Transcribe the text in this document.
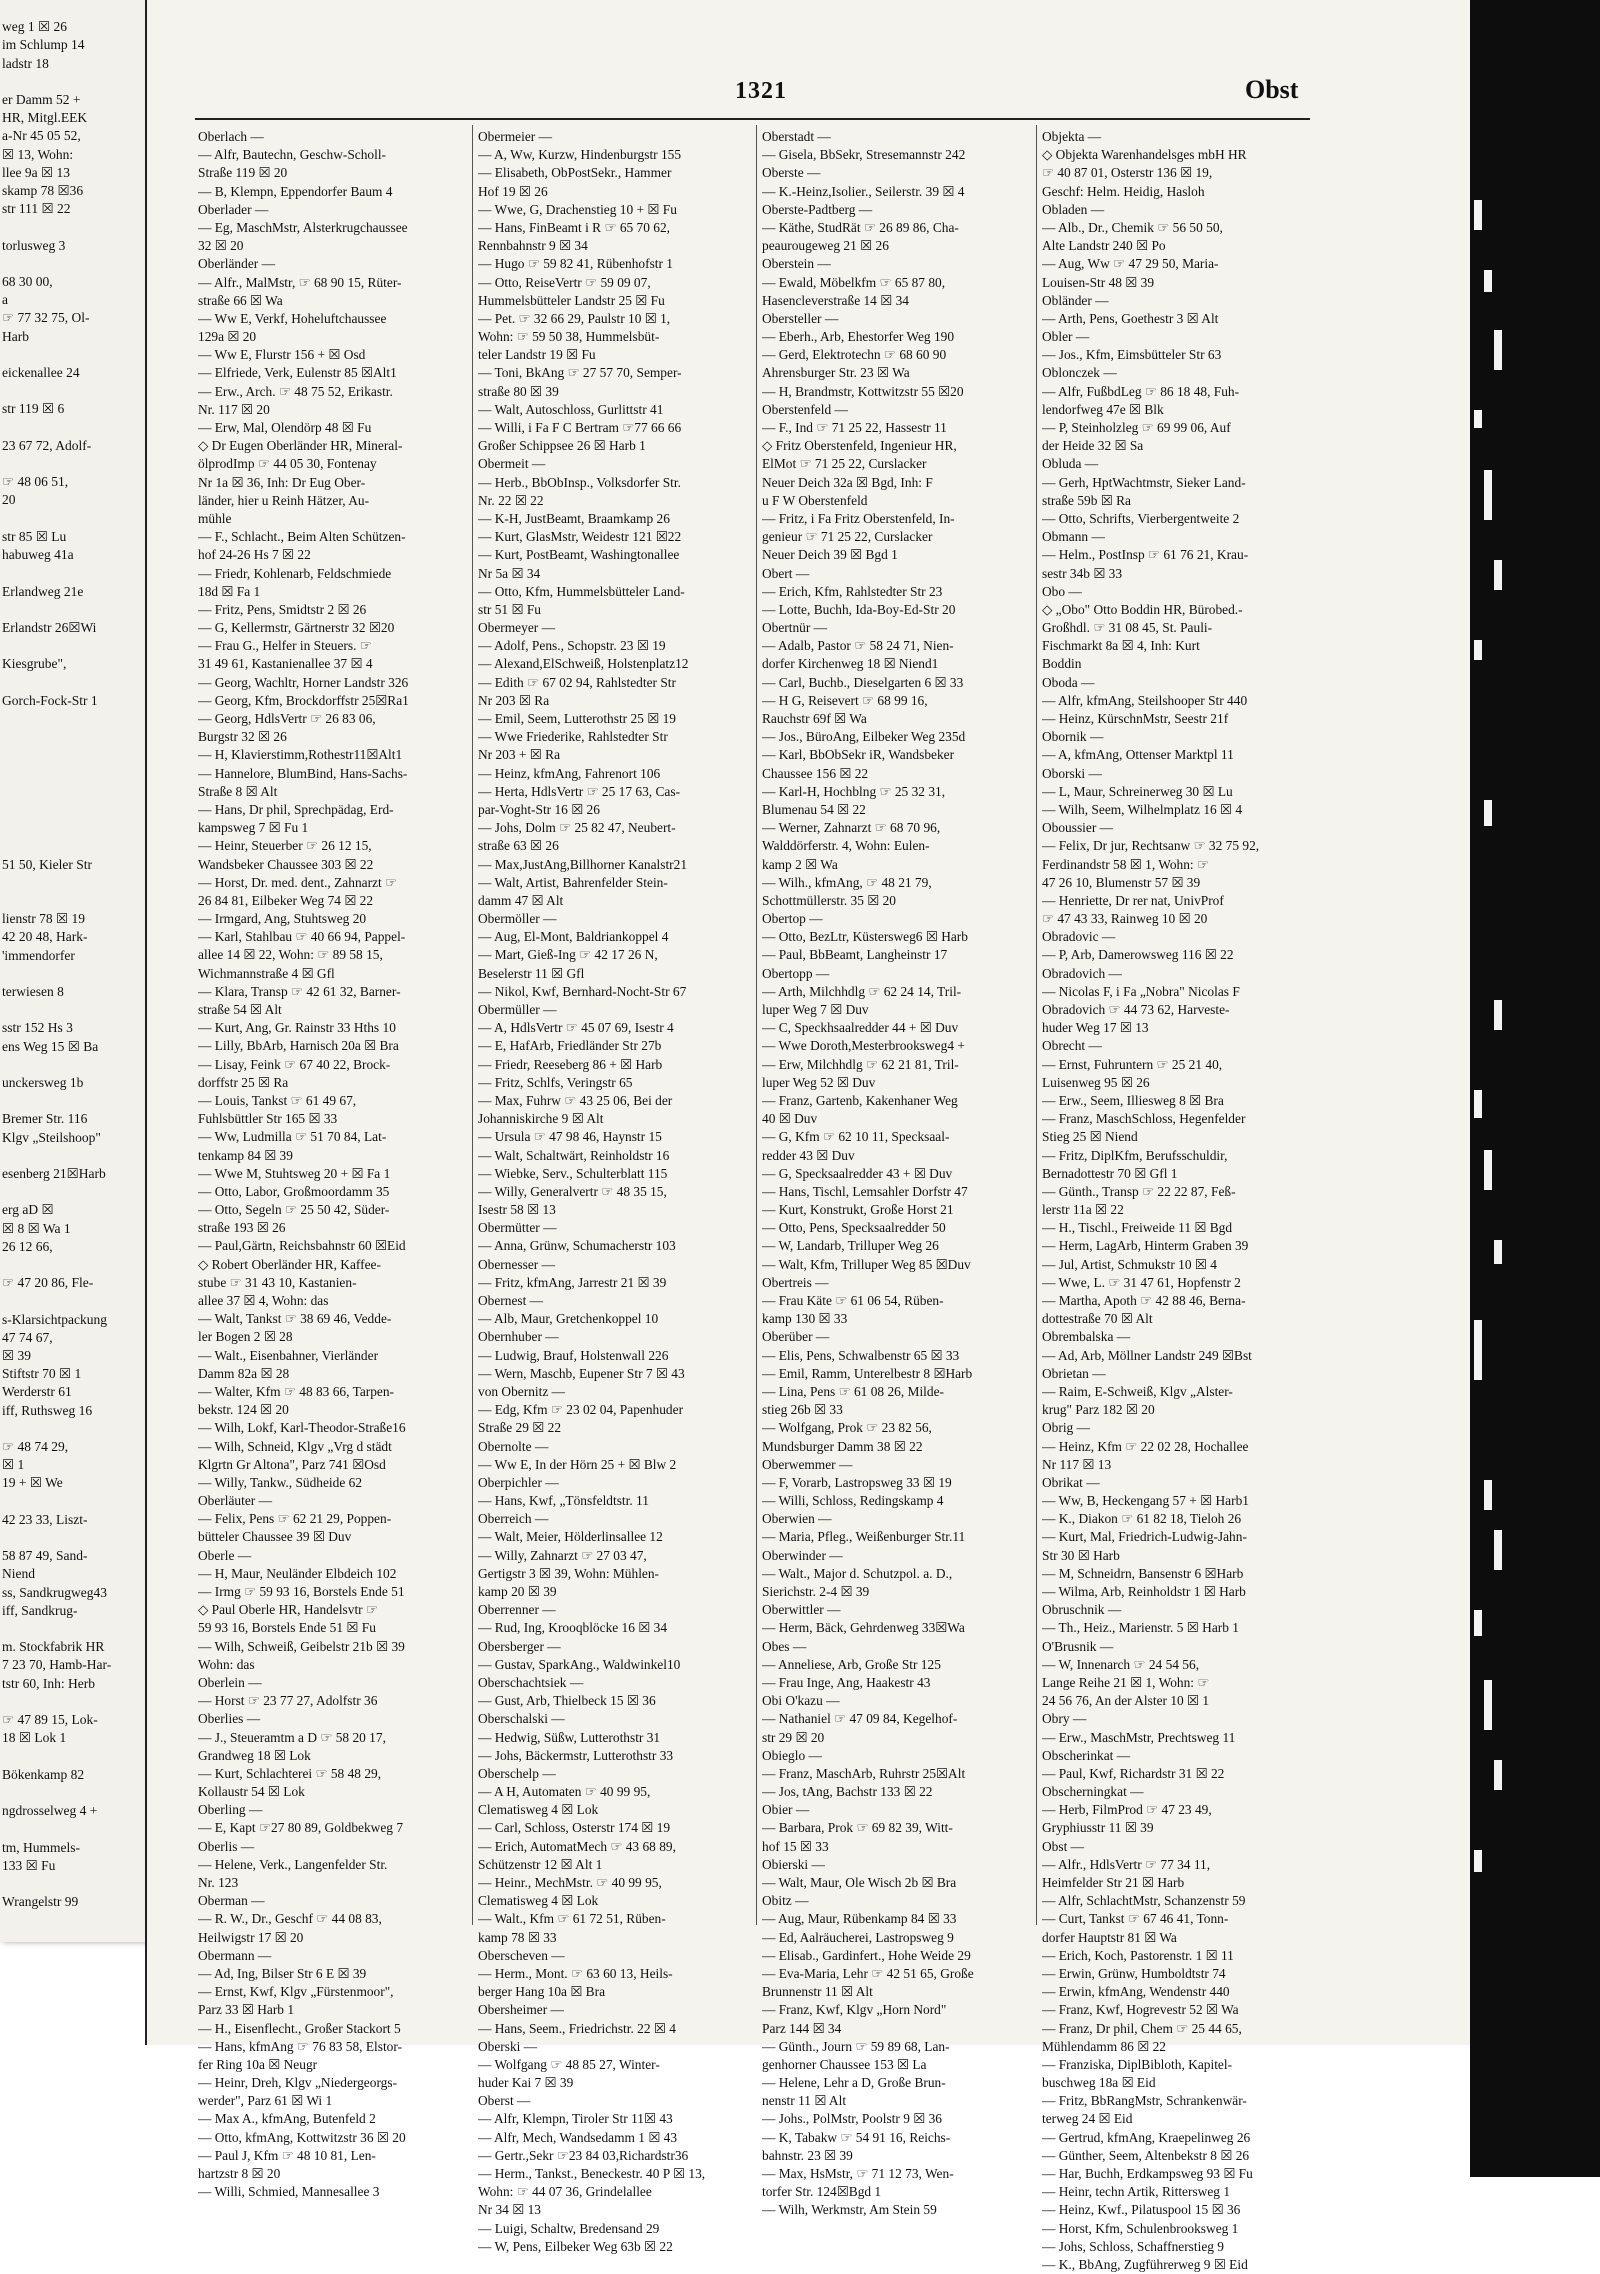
weg 1 ☒ 26
im Schlump 14
ladstr 18

er Damm 52 +
HR, Mitgl.EEK
a-Nr 45 05 52,
☒ 13, Wohn:
llee 9a ☒ 13
skamp 78 ☒36
str 111 ☒ 22

torlusweg 3

68 30 00,
a
☞ 77 32 75, Ol-
Harb

eickenallee 24

str 119 ☒ 6

23 67 72, Adolf-

☞ 48 06 51,
20

str 85 ☒ Lu
habuweg 41a

Erlandweg 21e

Erlandstr 26☒Wi

Kiesgrube",

Gorch-Fock-Str 1

51 50, Kieler Str

lienstr 78 ☒ 19
42 20 48, Hark-
'immendorfer

terwiesen 8

sstr 152 Hs 3
ens Weg 15 ☒ Ba

unckersweg 1b

Bremer Str. 116
Klgv „Steilshoop"

esenberg 21☒Harb

erg aD ☒
☒ 8 ☒ Wa 1
26 12 66,

☞ 47 20 86, Fle-

s-Klarsichtpackung
47 74 67,
☒ 39
Stiftstr 70 ☒ 1
Werderstr 61
iff, Ruthsweg 16

☞ 48 74 29,
☒ 1
19 + ☒ We

42 23 33, Liszt-

58 87 49, Sand-
Niend
ss, Sandkrugweg43
iff, Sandkrug-

m. Stockfabrik HR
7 23 70, Hamb-Har-
tstr 60, Inh: Herb

☞ 47 89 15, Lok-
18 ☒ Lok 1

Bökenkamp 82

ngdrosselweg 4 +

tm, Hummels-
133 ☒ Fu

Wrangelstr 99
1321	Obst
Oberlach —
— Alfr, Bautechn, Geschw-Scholl-
Straße 119 ☒ 20
— B, Klempn, Eppendorfer Baum 4
Oberlader —
— Eg, MaschMstr, Alsterkrugchaussee
32 ☒ 20
Oberländer —
— Alfr., MalMstr, ☞ 68 90 15, Rüter-
straße 66 ☒ Wa
— Ww E, Verkf, Hoheluftchaussee
129a ☒ 20
— Ww E, Flurstr 156 + ☒ Osd
— Elfriede, Verk, Eulenstr 85 ☒Alt1
— Erw., Arch. ☞ 48 75 52, Erikastr.
Nr. 117 ☒ 20
— Erw, Mal, Olendörp 48 ☒ Fu
◇ Dr Eugen Oberländer HR, Mineral-
ölprodImp ☞ 44 05 30, Fontenay
Nr 1a ☒ 36, Inh: Dr Eug Ober-
länder, hier u Reinh Hätzer, Au-
mühle
— F., Schlacht., Beim Alten Schützen-
hof 24-26 Hs 7 ☒ 22
— Friedr, Kohlenarb, Feldschmiede
18d ☒ Fa 1
— Fritz, Pens, Smidtstr 2 ☒ 26
— G, Kellermstr, Gärtnerstr 32 ☒20
— Frau G., Helfer in Steuers. ☞
31 49 61, Kastanienallee 37 ☒ 4
— Georg, Wachltr, Horner Landstr 326
— Georg, Kfm, Brockdorffstr 25☒Ra1
— Georg, HdlsVertr ☞ 26 83 06,
Burgstr 32 ☒ 26
— H, Klavierstimm,Rothestr11☒Alt1
— Hannelore, BlumBind, Hans-Sachs-
Straße 8 ☒ Alt
— Hans, Dr phil, Sprechpädag, Erd-
kampsweg 7 ☒ Fu 1
— Heinr, Steuerber ☞ 26 12 15,
Wandsbeker Chaussee 303 ☒ 22
— Horst, Dr. med. dent., Zahnarzt ☞
26 84 81, Eilbeker Weg 74 ☒ 22
— Irmgard, Ang, Stuhtsweg 20
— Karl, Stahlbau ☞ 40 66 94, Pappel-
allee 14 ☒ 22, Wohn: ☞ 89 58 15,
Wichmannstraße 4 ☒ Gfl
— Klara, Transp ☞ 42 61 32, Barner-
straße 54 ☒ Alt
— Kurt, Ang, Gr. Rainstr 33 Hths 10
— Lilly, BbArb, Harnisch 20a ☒ Bra
— Lisay, Feink ☞ 67 40 22, Brock-
dorffstr 25 ☒ Ra
— Louis, Tankst ☞ 61 49 67,
Fuhlsbüttler Str 165 ☒ 33
— Ww, Ludmilla ☞ 51 70 84, Lat-
tenkamp 84 ☒ 39
— Wwe M, Stuhtsweg 20 + ☒ Fa 1
— Otto, Labor, Großmoordamm 35
— Otto, Segeln ☞ 25 50 42, Süder-
straße 193 ☒ 26
— Paul,Gärtn, Reichsbahnstr 60 ☒Eid
◇ Robert Oberländer HR, Kaffee-
stube ☞ 31 43 10, Kastanien-
allee 37 ☒ 4, Wohn: das
— Walt, Tankst ☞ 38 69 46, Vedde-
ler Bogen 2 ☒ 28
— Walt., Eisenbahner, Vierländer
Damm 82a ☒ 28
— Walter, Kfm ☞ 48 83 66, Tarpen-
bekstr. 124 ☒ 20
— Wilh, Lokf, Karl-Theodor-Straße16
— Wilh, Schneid, Klgv „Vrg d städt
Klgrtn Gr Altona", Parz 741 ☒Osd
— Willy, Tankw., Südheide 62
Oberläuter —
— Felix, Pens ☞ 62 21 29, Poppen-
bütteler Chaussee 39 ☒ Duv
Oberle —
— H, Maur, Neuländer Elbdeich 102
— Irmg ☞ 59 93 16, Borstels Ende 51
◇ Paul Oberle HR, Handelsvtr ☞
59 93 16, Borstels Ende 51 ☒ Fu
— Wilh, Schweiß, Geibelstr 21b ☒ 39
Wohn: das
Oberlein —
— Horst ☞ 23 77 27, Adolfstr 36
Oberlies —
— J., Steueramtm a D ☞ 58 20 17,
Grandweg 18 ☒ Lok
— Kurt, Schlachterei ☞ 58 48 29,
Kollaustr 54 ☒ Lok
Oberling —
— E, Kapt ☞27 80 89, Goldbekweg 7
Oberlis —
— Helene, Verk., Langenfelder Str.
Nr. 123
Oberman —
— R. W., Dr., Geschf ☞ 44 08 83,
Heilwigstr 17 ☒ 20
Obermann —
— Ad, Ing, Bilser Str 6 E ☒ 39
— Ernst, Kwf, Klgv „Fürstenmoor",
Parz 33 ☒ Harb 1
— H., Eisenflecht., Großer Stackort 5
— Hans, kfmAng ☞ 76 83 58, Elstor-
fer Ring 10a ☒ Neugr
— Heinr, Dreh, Klgv „Niedergeorgs-
werder", Parz 61 ☒ Wi 1
— Max A., kfmAng, Butenfeld 2
— Otto, kfmAng, Kottwitzstr 36 ☒ 20
— Paul J, Kfm ☞ 48 10 81, Len-
hartzstr 8 ☒ 20
— Willi, Schmied, Mannesallee 3
Obermeier —
— A, Ww, Kurzw, Hindenburgstr 155
— Elisabeth, ObPostSekr., Hammer
Hof 19 ☒ 26
— Wwe, G, Drachenstieg 10 + ☒ Fu
— Hans, FinBeamt i R ☞ 65 70 62,
Rennbahnstr 9 ☒ 34
— Hugo ☞ 59 82 41, Rübenhofstr 1
— Otto, ReiseVertr ☞ 59 09 07,
Hummelsbütteler Landstr 25 ☒ Fu
— Pet. ☞ 32 66 29, Paulstr 10 ☒ 1,
Wohn: ☞ 59 50 38, Hummelsbüt-
teler Landstr 19 ☒ Fu
— Toni, BkAng ☞ 27 57 70, Semper-
straße 80 ☒ 39
— Walt, Autoschloss, Gurlittstr 41
— Willi, i Fa F C Bertram ☞77 66 66
Großer Schippsee 26 ☒ Harb 1
Obermeit —
— Herb., BbObInsp., Volksdorfer Str.
Nr. 22 ☒ 22
— K-H, JustBeamt, Braamkamp 26
— Kurt, GlasMstr, Weidestr 121 ☒22
— Kurt, PostBeamt, Washingtonallee
Nr 5a ☒ 34
— Otto, Kfm, Hummelsbütteler Land-
str 51 ☒ Fu
Obermeyer —
— Adolf, Pens., Schopstr. 23 ☒ 19
— Alexand,ElSchweiß, Holstenplatz12
— Edith ☞ 67 02 94, Rahlstedter Str
Nr 203 ☒ Ra
— Emil, Seem, Lutterothstr 25 ☒ 19
— Wwe Friederike, Rahlstedter Str
Nr 203 + ☒ Ra
— Heinz, kfmAng, Fahrenort 106
— Herta, HdlsVertr ☞ 25 17 63, Cas-
par-Voght-Str 16 ☒ 26
— Johs, Dolm ☞ 25 82 47, Neubert-
straße 63 ☒ 26
— Max,JustAng,Billhorner Kanalstr21
— Walt, Artist, Bahrenfelder Stein-
damm 47 ☒ Alt
Obermöller —
— Aug, El-Mont, Baldriankoppel 4
— Mart, Gieß-Ing ☞ 42 17 26 N,
Beselerstr 11 ☒ Gfl
— Nikol, Kwf, Bernhard-Nocht-Str 67
Obermüller —
— A, HdlsVertr ☞ 45 07 69, Isestr 4
— E, HafArb, Friedländer Str 27b
— Friedr, Reeseberg 86 + ☒ Harb
— Fritz, Schlfs, Veringstr 65
— Max, Fuhrw ☞ 43 25 06, Bei der
Johanniskirche 9 ☒ Alt
— Ursula ☞ 47 98 46, Haynstr 15
— Walt, Schaltwärt, Reinholdstr 16
— Wiebke, Serv., Schulterblatt 115
— Willy, Generalvertr ☞ 48 35 15,
Isestr 58 ☒ 13
Obermütter —
— Anna, Grünw, Schumacherstr 103
Obernesser —
— Fritz, kfmAng, Jarrestr 21 ☒ 39
Obernest —
— Alb, Maur, Gretchenkoppel 10
Obernhuber —
— Ludwig, Brauf, Holstenwall 226
— Wern, Maschb, Eupener Str 7 ☒ 43
von Obernitz —
— Edg, Kfm ☞ 23 02 04, Papenhuder
Straße 29 ☒ 22
Obernolte —
— Ww E, In der Hörn 25 + ☒ Blw 2
Oberpichler —
— Hans, Kwf, „Tönsfeldtstr. 11
Oberreich —
— Walt, Meier, Hölderlinsallee 12
— Willy, Zahnarzt ☞ 27 03 47,
Gertigstr 3 ☒ 39, Wohn: Mühlen-
kamp 20 ☒ 39
Oberrenner —
— Rud, Ing, Krooqblöcke 16 ☒ 34
Obersberger —
— Gustav, SparkAng., Waldwinkel10
Oberschachtsiek —
— Gust, Arb, Thielbeck 15 ☒ 36
Oberschalski —
— Hedwig, Süßw, Lutterothstr 31
— Johs, Bäckermstr, Lutterothstr 33
Oberschelp —
— A H, Automaten ☞ 40 99 95,
Clematisweg 4 ☒ Lok
— Carl, Schloss, Osterstr 174 ☒ 19
— Erich, AutomatMech ☞ 43 68 89,
Schützenstr 12 ☒ Alt 1
— Heinr., MechMstr. ☞ 40 99 95,
Clematisweg 4 ☒ Lok
— Walt., Kfm ☞ 61 72 51, Rüben-
kamp 78 ☒ 33
Oberscheven —
— Herm., Mont. ☞ 63 60 13, Heils-
berger Hang 10a ☒ Bra
Obersheimer —
— Hans, Seem., Friedrichstr. 22 ☒ 4
Oberski —
— Wolfgang ☞ 48 85 27, Winter-
huder Kai 7 ☒ 39
Oberst —
— Alfr, Klempn, Tiroler Str 11☒ 43
— Alfr, Mech, Wandsedamm 1 ☒ 43
— Gertr.,Sekr ☞23 84 03,Richardstr36
— Herm., Tankst., Beneckestr. 40 P ☒ 13,
Wohn: ☞ 44 07 36, Grindelallee
Nr 34 ☒ 13
— Luigi, Schaltw, Bredensand 29
— W, Pens, Eilbeker Weg 63b ☒ 22
Oberstadt —
— Gisela, BbSekr, Stresemannstr 242
Oberste —
— K.-Heinz,Isolier., Seilerstr. 39 ☒ 4
Oberste-Padtberg —
— Käthe, StudRät ☞ 26 89 86, Cha-
peaurougeweg 21 ☒ 26
Oberstein —
— Ewald, Möbelkfm ☞ 65 87 80,
Hasencleverstraße 14 ☒ 34
Obersteller —
— Eberh., Arb, Ehestorfer Weg 190
— Gerd, Elektrotechn ☞ 68 60 90
Ahrensburger Str. 23 ☒ Wa
— H, Brandmstr, Kottwitzstr 55 ☒20
Oberstenfeld —
— F., Ind ☞ 71 25 22, Hassestr 11
◇ Fritz Oberstenfeld, Ingenieur HR,
ElMot ☞ 71 25 22, Curslacker
Neuer Deich 32a ☒ Bgd, Inh: F
u F W Oberstenfeld
— Fritz, i Fa Fritz Oberstenfeld, In-
genieur ☞ 71 25 22, Curslacker
Neuer Deich 39 ☒ Bgd 1
Obert —
— Erich, Kfm, Rahlstedter Str 23
— Lotte, Buchh, Ida-Boy-Ed-Str 20
Obertnür —
— Adalb, Pastor ☞ 58 24 71, Nien-
dorfer Kirchenweg 18 ☒ Niend1
— Carl, Buchb., Dieselgarten 6 ☒ 33
— H G, Reisevert ☞ 68 99 16,
Rauchstr 69f ☒ Wa
— Jos., BüroAng, Eilbeker Weg 235d
— Karl, BbObSekr iR, Wandsbeker
Chaussee 156 ☒ 22
— Karl-H, Hochblng ☞ 25 32 31,
Blumenau 54 ☒ 22
— Werner, Zahnarzt ☞ 68 70 96,
Walddörferstr. 4, Wohn: Eulen-
kamp 2 ☒ Wa
— Wilh., kfmAng, ☞ 48 21 79,
Schottmüllerstr. 35 ☒ 20
Obertop —
— Otto, BezLtr, Küstersweg6 ☒ Harb
— Paul, BbBeamt, Langheinstr 17
Obertopp —
— Arth, Milchhdlg ☞ 62 24 14, Tril-
luper Weg 7 ☒ Duv
— C, Speckhsaalredder 44 + ☒ Duv
— Wwe Doroth,Mesterbrooksweg4 +
— Erw, Milchhdlg ☞ 62 21 81, Tril-
luper Weg 52 ☒ Duv
— Franz, Gartenb, Kakenhaner Weg
40 ☒ Duv
— G, Kfm ☞ 62 10 11, Specksaal-
redder 43 ☒ Duv
— G, Specksaalredder 43 + ☒ Duv
— Hans, Tischl, Lemsahler Dorfstr 47
— Kurt, Konstrukt, Große Horst 21
— Otto, Pens, Specksaalredder 50
— W, Landarb, Trilluper Weg 26
— Walt, Kfm, Trilluper Weg 85 ☒Duv
Obertreis —
— Frau Käte ☞ 61 06 54, Rüben-
kamp 130 ☒ 33
Oberüber —
— Elis, Pens, Schwalbenstr 65 ☒ 33
— Emil, Ramm, Unterelbestr 8 ☒Harb
— Lina, Pens ☞ 61 08 26, Milde-
stieg 26b ☒ 33
— Wolfgang, Prok ☞ 23 82 56,
Mundsburger Damm 38 ☒ 22
Oberwemmer —
— F, Vorarb, Lastropsweg 33 ☒ 19
— Willi, Schloss, Redingskamp 4
Oberwien —
— Maria, Pfleg., Weißenburger Str.11
Oberwinder —
— Walt., Major d. Schutzpol. a. D.,
Sierichstr. 2-4 ☒ 39
Oberwittler —
— Herm, Bäck, Gehrdenweg 33☒Wa
Obes —
— Anneliese, Arb, Große Str 125
— Frau Inge, Ang, Haakestr 43
Obi O'kazu —
— Nathaniel ☞ 47 09 84, Kegelhof-
str 29 ☒ 20
Obieglo —
— Franz, MaschArb, Ruhrstr 25☒Alt
— Jos, tAng, Bachstr 133 ☒ 22
Obier —
— Barbara, Prok ☞ 69 82 39, Witt-
hof 15 ☒ 33
Obierski —
— Walt, Maur, Ole Wisch 2b ☒ Bra
Obitz —
— Aug, Maur, Rübenkamp 84 ☒ 33
— Ed, Aalräucherei, Lastropsweg 9
— Elisab., Gardinfert., Hohe Weide 29
— Eva-Maria, Lehr ☞ 42 51 65, Große
Brunnenstr 11 ☒ Alt
— Franz, Kwf, Klgv „Horn Nord"
Parz 144 ☒ 34
— Günth., Journ ☞ 59 89 68, Lan-
genhorner Chaussee 153 ☒ La
— Helene, Lehr a D, Große Brun-
nenstr 11 ☒ Alt
— Johs., PolMstr, Poolstr 9 ☒ 36
— K, Tabakw ☞ 54 91 16, Reichs-
bahnstr. 23 ☒ 39
— Max, HsMstr, ☞ 71 12 73, Wen-
torfer Str. 124☒Bgd 1
— Wilh, Werkmstr, Am Stein 59
Objekta —
◇ Objekta Warenhandelsges mbH HR
☞ 40 87 01, Osterstr 136 ☒ 19,
Geschf: Helm. Heidig, Hasloh
Obladen —
— Alb., Dr., Chemik ☞ 56 50 50,
Alte Landstr 240 ☒ Po
— Aug, Ww ☞ 47 29 50, Maria-
Louisen-Str 48 ☒ 39
Obländer —
— Arth, Pens, Goethestr 3 ☒ Alt
Obler —
— Jos., Kfm, Eimsbütteler Str 63
Oblonczek —
— Alfr, FußbdLeg ☞ 86 18 48, Fuh-
lendorfweg 47e ☒ Blk
— P, Steinholzleg ☞ 69 99 06, Auf
der Heide 32 ☒ Sa
Obluda —
— Gerh, HptWachtmstr, Sieker Land-
straße 59b ☒ Ra
— Otto, Schrifts, Vierbergentweite 2
Obmann —
— Helm., PostInsp ☞ 61 76 21, Krau-
sestr 34b ☒ 33
Obo —
◇ „Obo" Otto Boddin HR, Bürobed.-
Großhdl. ☞ 31 08 45, St. Pauli-
Fischmarkt 8a ☒ 4, Inh: Kurt
Boddin
Oboda —
— Alfr, kfmAng, Steilshooper Str 440
— Heinz, KürschnMstr, Seestr 21f
Obornik —
— A, kfmAng, Ottenser Marktpl 11
Oborski —
— L, Maur, Schreinerweg 30 ☒ Lu
— Wilh, Seem, Wilhelmplatz 16 ☒ 4
Oboussier —
— Felix, Dr jur, Rechtsanw ☞ 32 75 92,
Ferdinandstr 58 ☒ 1, Wohn: ☞
47 26 10, Blumenstr 57 ☒ 39
— Henriette, Dr rer nat, UnivProf
☞ 47 43 33, Rainweg 10 ☒ 20
Obradovic —
— P, Arb, Damerowsweg 116 ☒ 22
Obradovich —
— Nicolas F, i Fa „Nobra" Nicolas F
Obradovich ☞ 44 73 62, Harveste-
huder Weg 17 ☒ 13
Obrecht —
— Ernst, Fuhruntern ☞ 25 21 40,
Luisenweg 95 ☒ 26
— Erw., Seem, Illiesweg 8 ☒ Bra
— Franz, MaschSchloss, Hegenfelder
Stieg 25 ☒ Niend
— Fritz, DiplKfm, Berufsschuldir,
Bernadottestr 70 ☒ Gfl 1
— Günth., Transp ☞ 22 22 87, Feß-
lerstr 11a ☒ 22
— H., Tischl., Freiweide 11 ☒ Bgd
— Herm, LagArb, Hinterm Graben 39
— Jul, Artist, Schmukstr 10 ☒ 4
— Wwe, L. ☞ 31 47 61, Hopfenstr 2
— Martha, Apoth ☞ 42 88 46, Berna-
dottestraße 70 ☒ Alt
Obrembalska —
— Ad, Arb, Möllner Landstr 249 ☒Bst
Obrietan —
— Raim, E-Schweiß, Klgv „Alster-
krug" Parz 182 ☒ 20
Obrig —
— Heinz, Kfm ☞ 22 02 28, Hochallee
Nr 117 ☒ 13
Obrikat —
— Ww, B, Heckengang 57 + ☒ Harb1
— K., Diakon ☞ 61 82 18, Tieloh 26
— Kurt, Mal, Friedrich-Ludwig-Jahn-
Str 30 ☒ Harb
— M, Schneidrn, Bansenstr 6 ☒Harb
— Wilma, Arb, Reinholdstr 1 ☒ Harb
Obruschnik —
— Th., Heiz., Marienstr. 5 ☒ Harb 1
O'Brusnik —
— W, Innenarch ☞ 24 54 56,
Lange Reihe 21 ☒ 1, Wohn: ☞
24 56 76, An der Alster 10 ☒ 1
Obry —
— Erw., MaschMstr, Prechtsweg 11
Obscherinkat —
— Paul, Kwf, Richardstr 31 ☒ 22
Obscherningkat —
— Herb, FilmProd ☞ 47 23 49,
Gryphiusstr 11 ☒ 39
Obst —
— Alfr., HdlsVertr ☞ 77 34 11,
Heimfelder Str 21 ☒ Harb
— Alfr, SchlachtMstr, Schanzenstr 59
— Curt, Tankst ☞ 67 46 41, Tonn-
dorfer Hauptstr 81 ☒ Wa
— Erich, Koch, Pastorenstr. 1 ☒ 11
— Erwin, Grünw, Humboldtstr 74
— Erwin, kfmAng, Wendenstr 440
— Franz, Kwf, Hogrevestr 52 ☒ Wa
— Franz, Dr phil, Chem ☞ 25 44 65,
Mühlendamm 86 ☒ 22
— Franziska, DiplBibloth, Kapitel-
buschweg 18a ☒ Eid
— Fritz, BbRangMstr, Schrankenwär-
terweg 24 ☒ Eid
— Gertrud, kfmAng, Kraepelinweg 26
— Günther, Seem, Altenbekstr 8 ☒ 26
— Har, Buchh, Erdkampsweg 93 ☒ Fu
— Heinr, techn Artik, Rittersweg 1
— Heinz, Kwf., Pilatuspool 15 ☒ 36
— Horst, Kfm, Schulenbrooksweg 1
— Johs, Schloss, Schaffnerstieg 9
— K., BbAng, Zugführerweg 9 ☒ Eid
